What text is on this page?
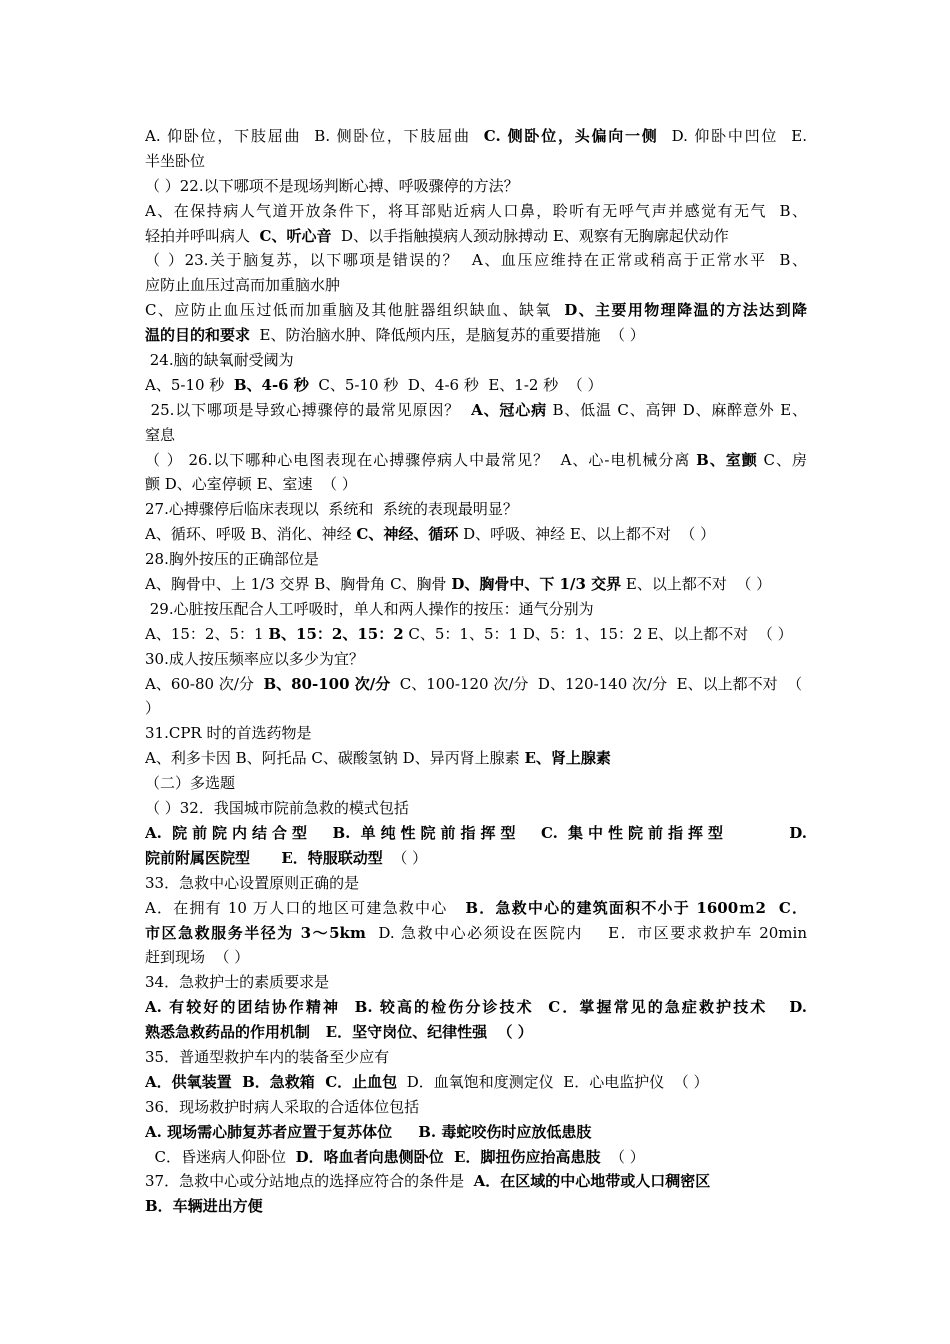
A. 仰卧位，下肢屈曲  B. 侧卧位，下肢屈曲  C. 侧卧位，头偏向一侧  D. 仰卧中凹位  E.
半坐卧位
（ ）22.以下哪项不是现场判断心搏、呼吸骤停的方法？
A、在保持病人气道开放条件下，将耳部贴近病人口鼻，聆听有无呼气声并感觉有无气  B、
轻拍并呼叫病人  C、听心音  D、以手指触摸病人颈动脉搏动 E、观察有无胸廓起伏动作
（ ）23.关于脑复苏，以下哪项是错误的？  A、血压应维持在正常或稍高于正常水平  B、
应防止血压过高而加重脑水肿
C、应防止血压过低而加重脑及其他脏器组织缺血、缺氧  D、主要用物理降温的方法达到降
温的目的和要求  E、防治脑水肿、降低颅内压，是脑复苏的重要措施  （ ）
24.脑的缺氧耐受阈为
A、5-10 秒  B、4-6 秒  C、5-10 秒  D、4-6 秒  E、1-2 秒  （ ）
25.以下哪项是导致心搏骤停的最常见原因？  A、冠心病 B、低温 C、高钾 D、麻醉意外 E、
窒息
（ ） 26.以下哪种心电图表现在心搏骤停病人中最常见？  A、心-电机械分离 B、室颤 C、房
颤 D、心室停顿 E、室速  （ ）
27.心搏骤停后临床表现以  系统和  系统的表现最明显？
A、循环、呼吸 B、消化、神经 C、神经、循环 D、呼吸、神经 E、以上都不对  （ ）
28.胸外按压的正确部位是
A、胸骨中、上 1/3 交界 B、胸骨角 C、胸骨 D、胸骨中、下 1/3 交界 E、以上都不对  （ ）
29.心脏按压配合人工呼吸时，单人和两人操作的按压：通气分别为
A、15：2、5：1 B、15：2、15：2 C、5：1、5：1 D、5：1、15：2 E、以上都不对  （ ）
30.成人按压频率应以多少为宜？
A、60-80 次/分  B、80-100 次/分  C、100-120 次/分  D、120-140 次/分  E、以上都不对  （
）
31.CPR 时的首选药物是
A、利多卡因 B、阿托品 C、碳酸氢钠 D、异丙肾上腺素 E、肾上腺素
（二）多选题
（ ）32．我国城市院前急救的模式包括
A. 院前院内结合型  B. 单纯性院前指挥型  C. 集中性院前指挥型      D.
院前附属医院型      E．特服联动型  （ ）
33．急救中心设置原则正确的是
A．在拥有 10 万人口的地区可建急救中心   B．急救中心的建筑面积不小于 1600ｍ2  C．
市区急救服务半径为 3～5km  D. 急救中心必须设在医院内    E．市区要求救护车 20min
赶到现场  （ ）
34．急救护士的素质要求是
A. 有较好的团结协作精神  B. 较高的检伤分诊技术  C．掌握常见的急症救护技术   D.
熟悉急救药品的作用机制   E．坚守岗位、纪律性强  （ ）
35．普通型救护车内的装备至少应有
A．供氧装置  B．急救箱  C．止血包  D．血氧饱和度测定仪  E．心电监护仪  （ ）
36．现场救护时病人采取的合适体位包括
A. 现场需心肺复苏者应置于复苏体位     B. 毒蛇咬伤时应放低患肢
C．昏迷病人仰卧位  D．咯血者向患侧卧位  E．脚扭伤应抬高患肢  （ ）
37．急救中心或分站地点的选择应符合的条件是  A．在区域的中心地带或人口稠密区
B．车辆进出方便
